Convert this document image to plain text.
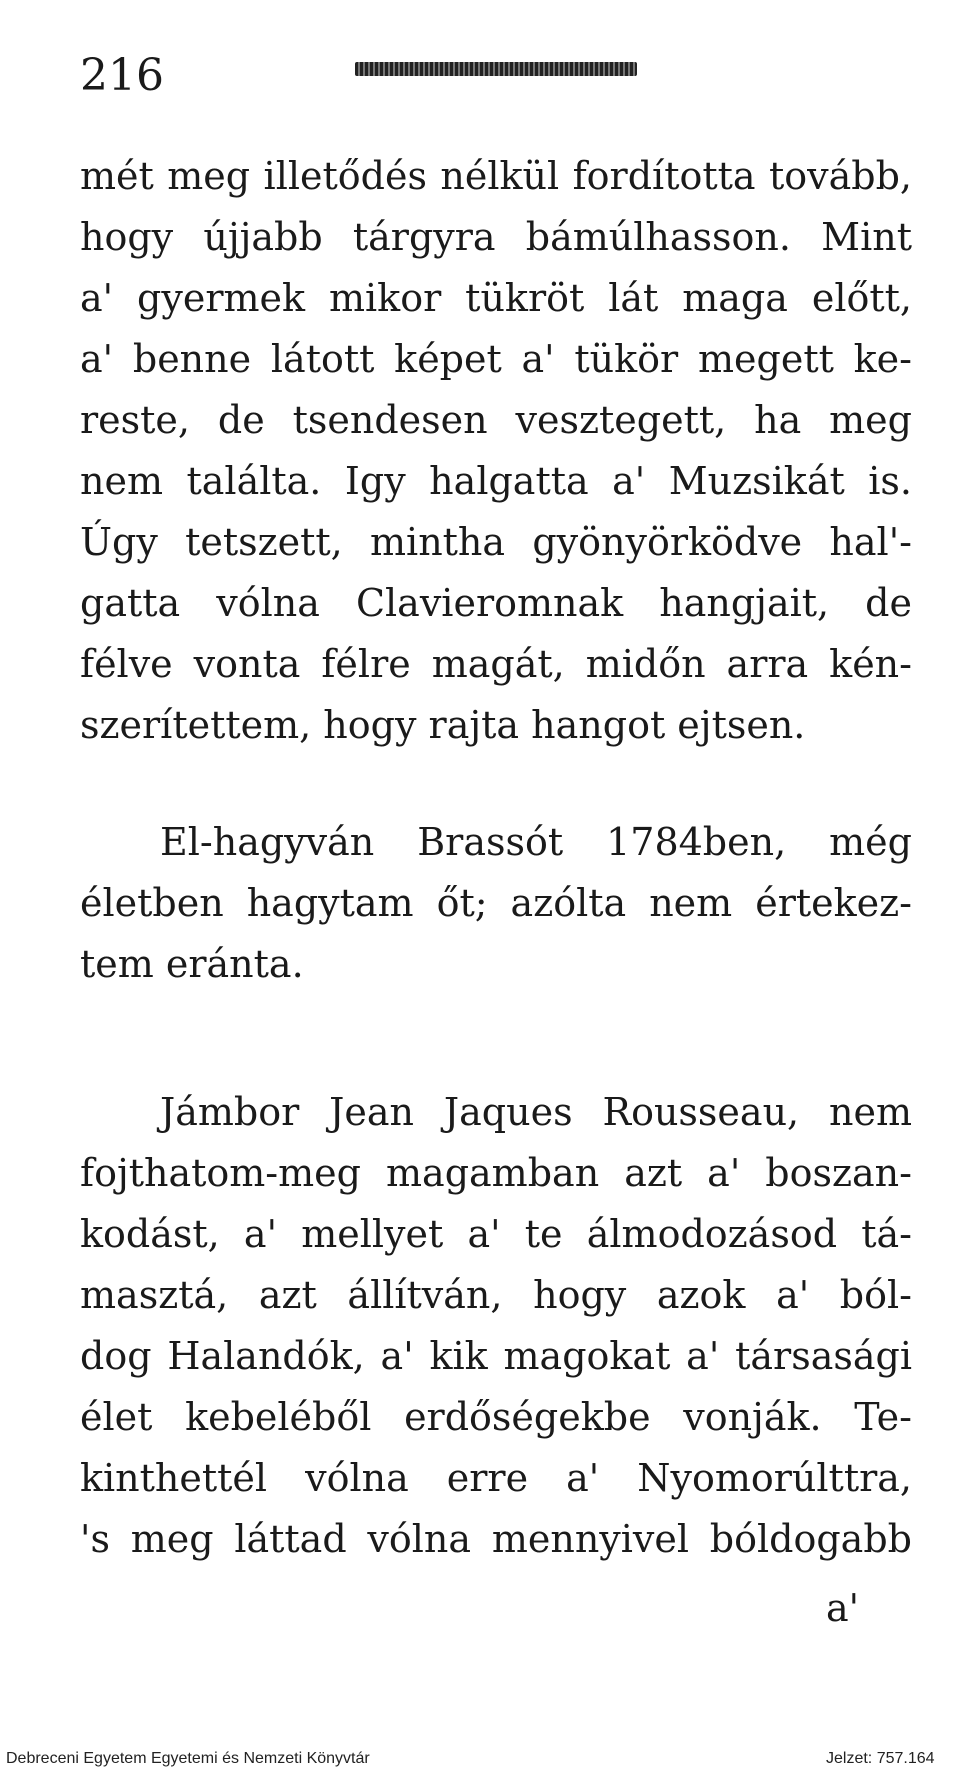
216
mét meg illetődés nélkül fordította tovább,
hogy újjabb tárgyra bámúlhasson. Mint
a' gyermek mikor tükröt lát maga előtt,
a' benne látott képet a' tükör megett ke-
reste, de tsendesen vesztegett, ha meg
nem találta. Igy halgatta a' Muzsikát is.
Úgy tetszett, mintha gyönyörködve hal'-
gatta vólna Clavieromnak hangjait, de
félve vonta félre magát, midőn arra kén-
szerítettem, hogy rajta hangot ejtsen.
El-hagyván Brassót 1784ben, még
életben hagytam őt; azólta nem értekez-
tem eránta.
Jámbor Jean Jaques Rousseau, nem
fojthatom-meg magamban azt a' boszan-
kodást, a' mellyet a' te álmodozásod tá-
masztá, azt állítván, hogy azok a' ból-
dog Halandók, a' kik magokat a' társasági
élet kebeléből erdőségekbe vonják. Te-
kinthettél vólna erre a' Nyomorúlttra,
's meg láttad vólna mennyivel bóldogabb
a'
Debreceni Egyetem Egyetemi és Nemzeti Könyvtár	Jelzet: 757.164
